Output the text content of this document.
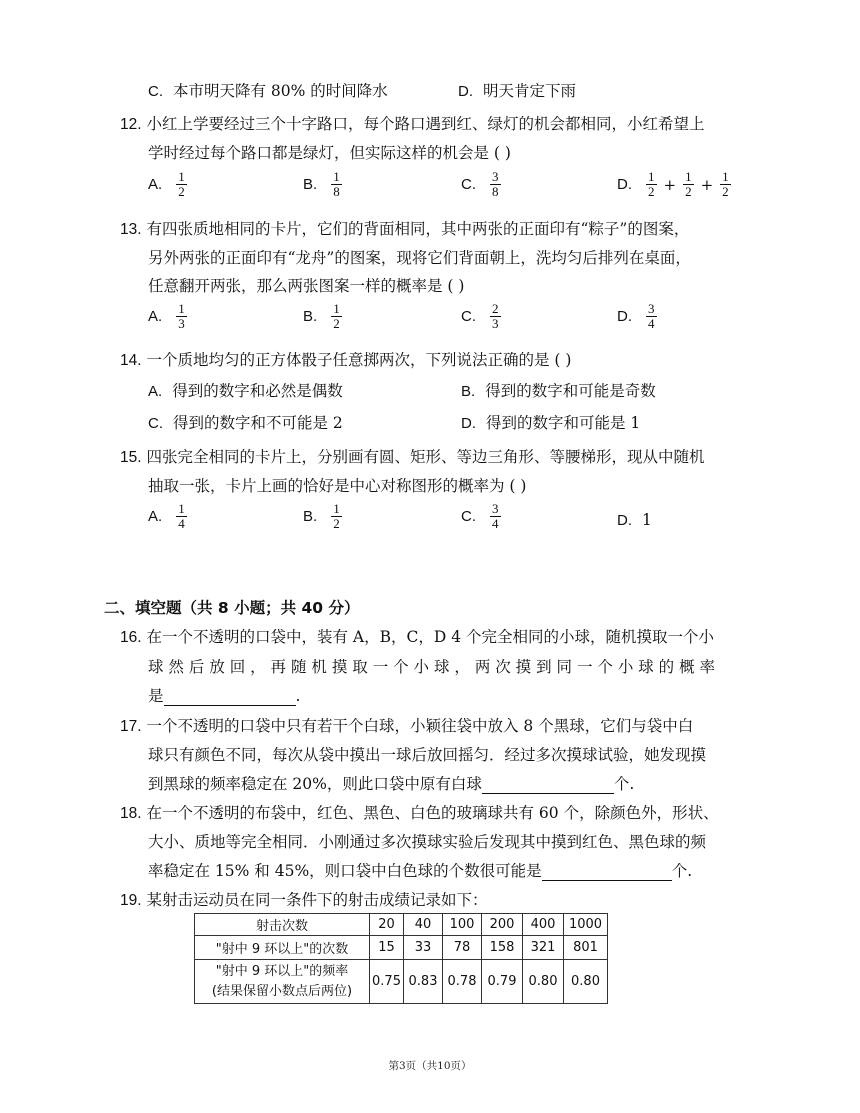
C. 本市明天降有 80% 的时间降水	D. 明天肯定下雨
12. 小红上学要经过三个十字路口，每个路口遇到红、绿灯的机会都相同，小红希望上
学时经过每个路口都是绿灯，但实际这样的机会是 ( )
A. $\frac{1}{2}$	B. $\frac{1}{8}$	C. $\frac{3}{8}$	D. $\frac{1}{2} + \frac{1}{2} + \frac{1}{2}$
13. 有四张质地相同的卡片，它们的背面相同，其中两张的正面印有“粽子”的图案，
另外两张的正面印有“龙舟”的图案，现将它们背面朝上，洗均匀后排列在桌面，
任意翻开两张，那么两张图案一样的概率是 ( )
A. $\frac{1}{3}$	B. $\frac{1}{2}$	C. $\frac{2}{3}$	D. $\frac{3}{4}$
14. 一个质地均匀的正方体骰子任意掷两次，下列说法正确的是 ( )
A. 得到的数字和必然是偶数	B. 得到的数字和可能是奇数
C. 得到的数字和不可能是 2	D. 得到的数字和可能是 1
15. 四张完全相同的卡片上，分别画有圆、矩形、等边三角形、等腰梯形，现从中随机
抽取一张，卡片上画的恰好是中心对称图形的概率为 ( )
A. $\frac{1}{4}$	B. $\frac{1}{2}$	C. $\frac{3}{4}$	D. 1
二、填空题（共 8 小题；共 40 分）
16. 在一个不透明的口袋中，装有 A，B，C，D 4 个完全相同的小球，随机摸取一个小
球 然 后 放 回 ， 再 随 机 摸 取 一 个 小 球 ， 两 次 摸 到 同 一 个 小 球 的 概 率
是	.
17. 一个不透明的口袋中只有若干个白球，小颖往袋中放入 8 个黑球，它们与袋中白
球只有颜色不同，每次从袋中摸出一球后放回摇匀．经过多次摸球试验，她发现摸
到黑球的频率稳定在 20%，则此口袋中原有白球	个.
18. 在一个不透明的布袋中，红色、黑色、白色的玻璃球共有 60 个，除颜色外，形状、
大小、质地等完全相同．小刚通过多次摸球实验后发现其中摸到红色、黑色球的频
率稳定在 15% 和 45%，则口袋中白色球的个数很可能是	个.
19. 某射击运动员在同一条件下的射击成绩记录如下：
射击次数	20	40	100	200	400	1000
"射中 9 环以上"的次数	15	33	78	158	321	801

"射中 9 环以上"的频率
(结果保留小数点后两位)	0.75	0.83	0.78	0.79	0.80	0.80
第3页（共10页）
